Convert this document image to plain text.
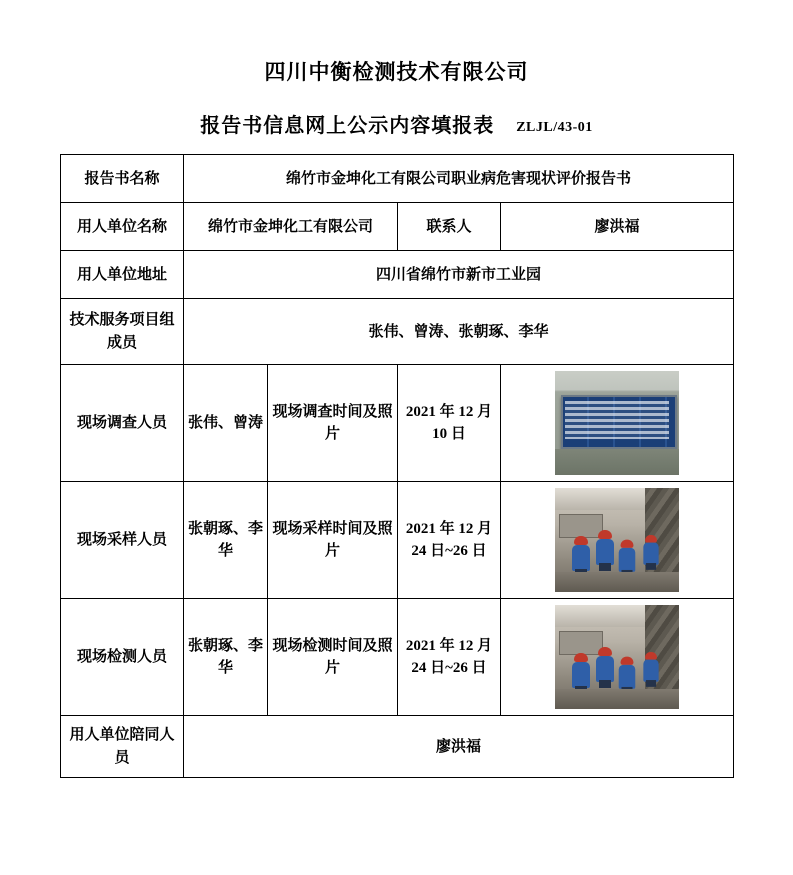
四川中衡检测技术有限公司
报告书信息网上公示内容填报表 ZLJL/43-01
报告书名称	绵竹市金坤化工有限公司职业病危害现状评价报告书			
用人单位名称	绵竹市金坤化工有限公司		联系人	廖洪福
用人单位地址	四川省绵竹市新市工业园			
技术服务项目组成员	张伟、曾涛、张朝琢、李华			
现场调查人员	张伟、曾涛	现场调查时间及照片	2021 年 12 月 10 日	

现场采样人员	张朝琢、李华	现场采样时间及照片	2021 年 12 月 24 日~26 日	

现场检测人员	张朝琢、李华	现场检测时间及照片	2021 年 12 月 24 日~26 日	

用人单位陪同人员	廖洪福			
